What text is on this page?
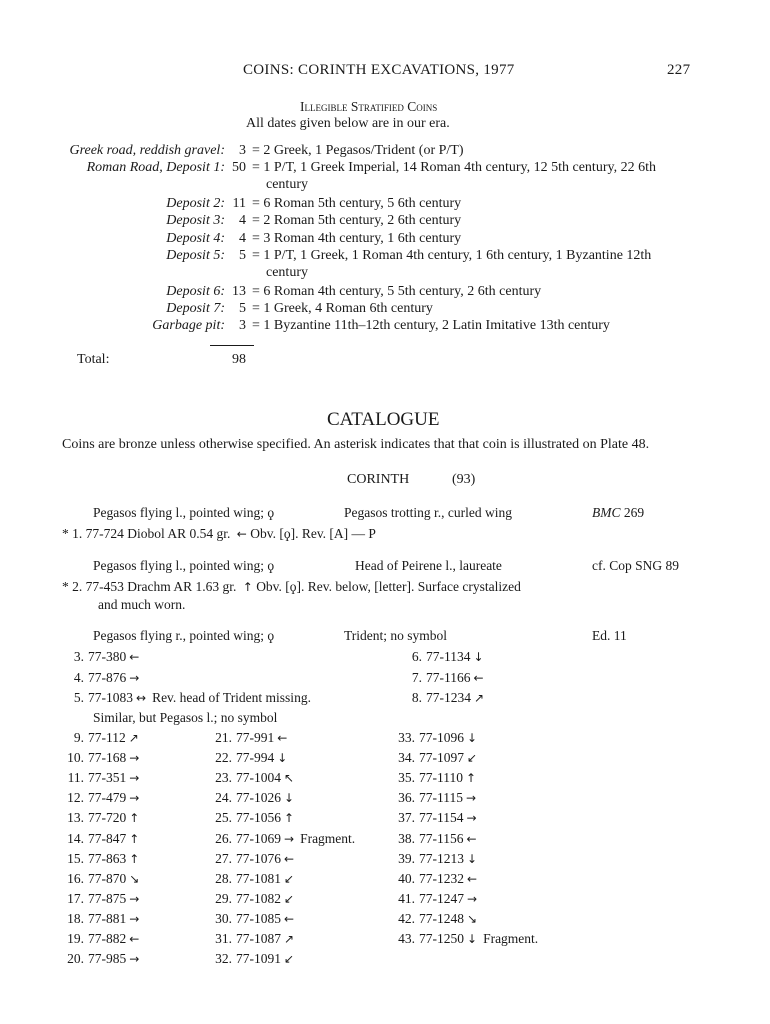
COINS: CORINTH EXCAVATIONS, 1977	227
Illegible Stratified Coins
All dates given below are in our era.
Greek road, reddish gravel:	3 = 2 Greek, 1 Pegasos/Trident (or P/T)
Roman Road, Deposit 1: 50 = 1 P/T, 1 Greek Imperial, 14 Roman 4th century, 12 5th century, 22 6th
century
Deposit 2: 11 = 6 Roman 5th century, 5 6th century
Deposit 3:	4 = 2 Roman 5th century, 2 6th century
Deposit 4:	4 = 3 Roman 4th century, 1 6th century
Deposit 5:	5 = 1 P/T, 1 Greek, 1 Roman 4th century, 1 6th century, 1 Byzantine 12th
century
Deposit 6: 13 = 6 Roman 4th century, 5 5th century, 2 6th century
Deposit 7:	5 = 1 Greek, 4 Roman 6th century
Garbage pit:	3 = 1 Byzantine 11th–12th century, 2 Latin Imitative 13th century
Total:	98
CATALOGUE
Coins are bronze unless otherwise specified. An asterisk indicates that that coin is illustrated on Plate 48.
CORINTH	(93)
Pegasos flying l., pointed wing; ϙ	Pegasos trotting r., curled wing	BMC 269
* 1. 77-724 Diobol AR 0.54 gr. ← Obv. [ϙ]. Rev. [A] — P
Pegasos flying l., pointed wing; ϙ	Head of Peirene l., laureate	cf. Cop SNG 89
* 2. 77-453 Drachm AR 1.63 gr. ↑ Obv. [ϙ]. Rev. below, [letter]. Surface crystalized
and much worn.
Pegasos flying r., pointed wing; ϙ	Trident; no symbol	Ed. 11
3. 77-380 ←
4. 77-876 →
5. 77-1083 ↔ Rev. head of Trident missing.
6. 77-1134 ↓
7. 77-1166 ←
8. 77-1234 ↗
Similar, but Pegasos l.; no symbol
9. 77-112 ↗
10. 77-168 →
11. 77-351 →
12. 77-479 →
13. 77-720 ↑
14. 77-847 ↑
15. 77-863 ↑
16. 77-870 ↘
17. 77-875 →
18. 77-881 →
19. 77-882 ←
20. 77-985 →
21. 77-991 ←
22. 77-994 ↓
23. 77-1004 ↖
24. 77-1026 ↓
25. 77-1056 ↑
26. 77-1069 → Fragment.
27. 77-1076 ←
28. 77-1081 ↙
29. 77-1082 ↙
30. 77-1085 ←
31. 77-1087 ↗
32. 77-1091 ↙
33. 77-1096 ↓
34. 77-1097 ↙
35. 77-1110 ↑
36. 77-1115 →
37. 77-1154 →
38. 77-1156 ←
39. 77-1213 ↓
40. 77-1232 ←
41. 77-1247 →
42. 77-1248 ↘
43. 77-1250 ↓ Fragment.
